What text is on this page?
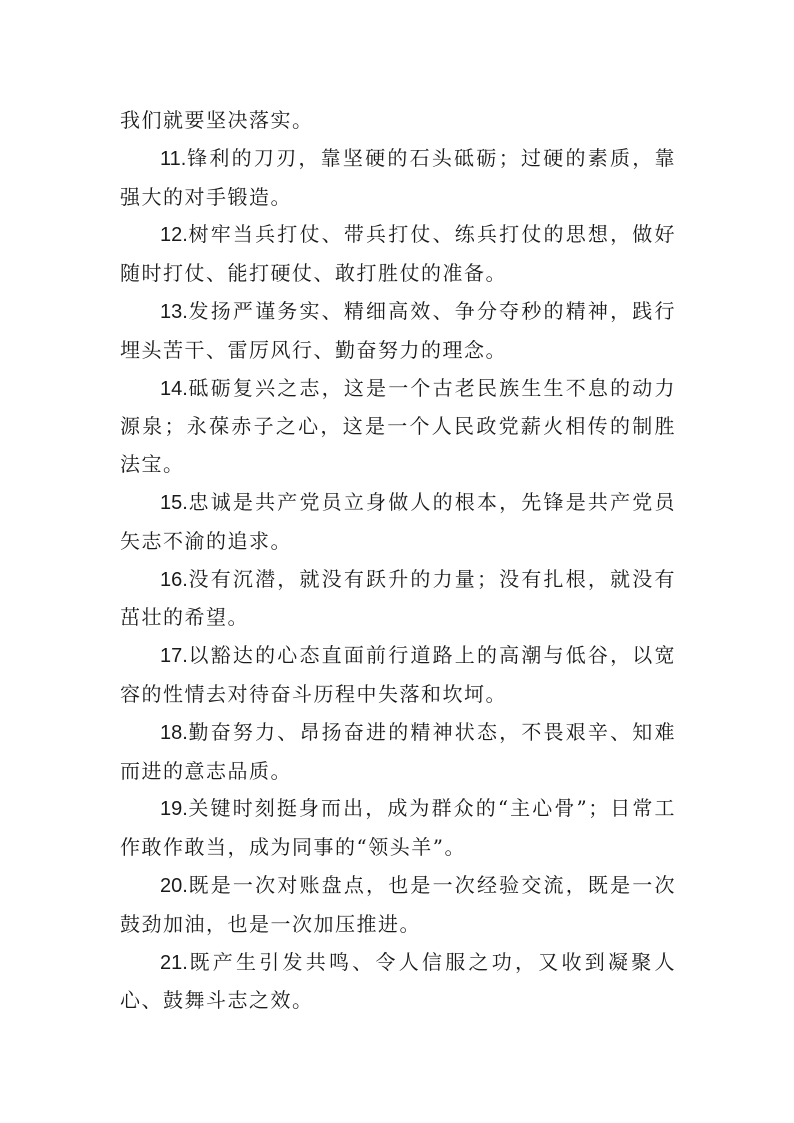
我们就要坚决落实。

11.锋利的刀刃，靠坚硬的石头砥砺；过硬的素质，靠强大的对手锻造。

12.树牢当兵打仗、带兵打仗、练兵打仗的思想，做好随时打仗、能打硬仗、敢打胜仗的准备。

13.发扬严谨务实、精细高效、争分夺秒的精神，践行埋头苦干、雷厉风行、勤奋努力的理念。

14.砥砺复兴之志，这是一个古老民族生生不息的动力源泉；永葆赤子之心，这是一个人民政党薪火相传的制胜法宝。

15.忠诚是共产党员立身做人的根本，先锋是共产党员矢志不渝的追求。

16.没有沉潜，就没有跃升的力量；没有扎根，就没有茁壮的希望。

17.以豁达的心态直面前行道路上的高潮与低谷，以宽容的性情去对待奋斗历程中失落和坎坷。

18.勤奋努力、昂扬奋进的精神状态，不畏艰辛、知难而进的意志品质。

19.关键时刻挺身而出，成为群众的“主心骨”；日常工作敢作敢当，成为同事的“领头羊”。

20.既是一次对账盘点，也是一次经验交流，既是一次鼓劲加油，也是一次加压推进。

21.既产生引发共鸣、令人信服之功，又收到凝聚人心、鼓舞斗志之效。
